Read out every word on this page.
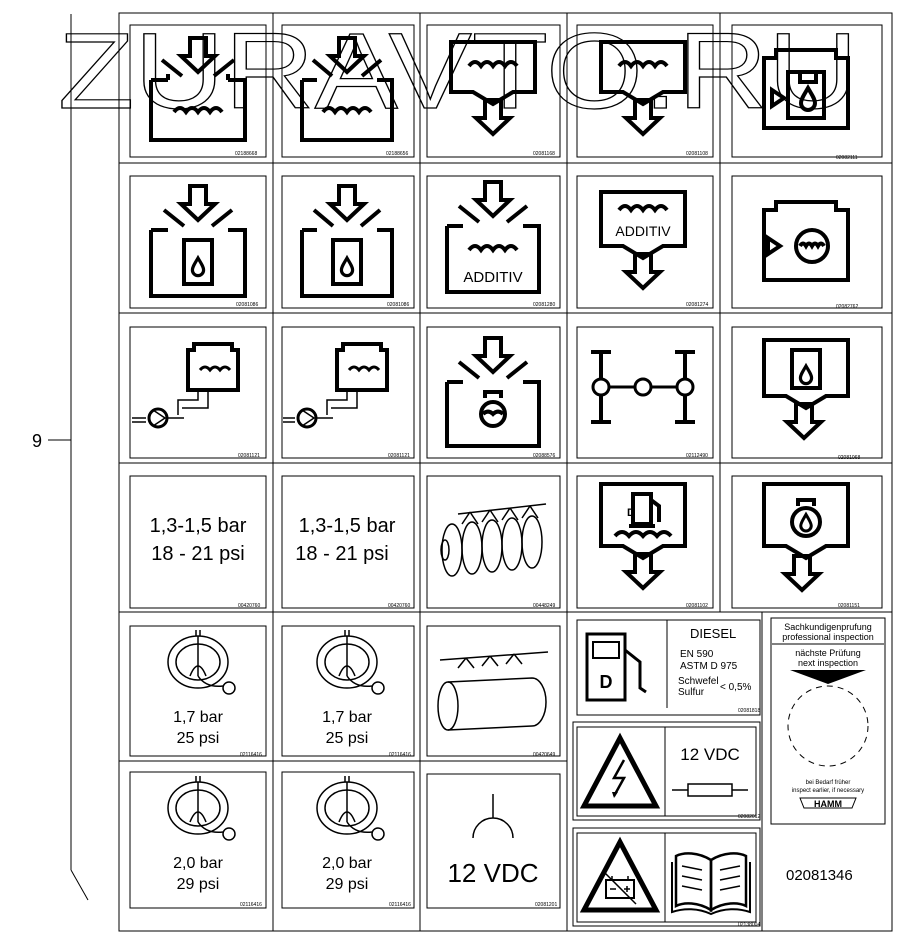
9
02188668	02188656	02081168	02081108
02082111
02081086	02081086
ADDITIV
02081280
ADDITIV
02081274	02082762
02081121	02081121	02088576	02112490	02081068
1,3-1,5 bar
18 - 21 psi
00420760
1,3-1,5 bar
18 - 21 psi
00420760	00448249
D
02081102	02081151
1,7 bar
25 psi
02116416
1,7 bar
25 psi
02116416	00420649
D
DIESEL
EN 590
ASTM D 975
Schwefel
Sulfur < 0,5%
02081818
Sachkundigenprufung
professional inspection
nächste Prüfung
next inspection
bei Bedarf früher
inspect earlier, if necessary
HAMM
2,0 bar
29 psi
02116416
2,0 bar
29 psi
02116416
12 VDC
02081201
12 VDC
02082012
02138004
02081346
ZURAVTO.RU
